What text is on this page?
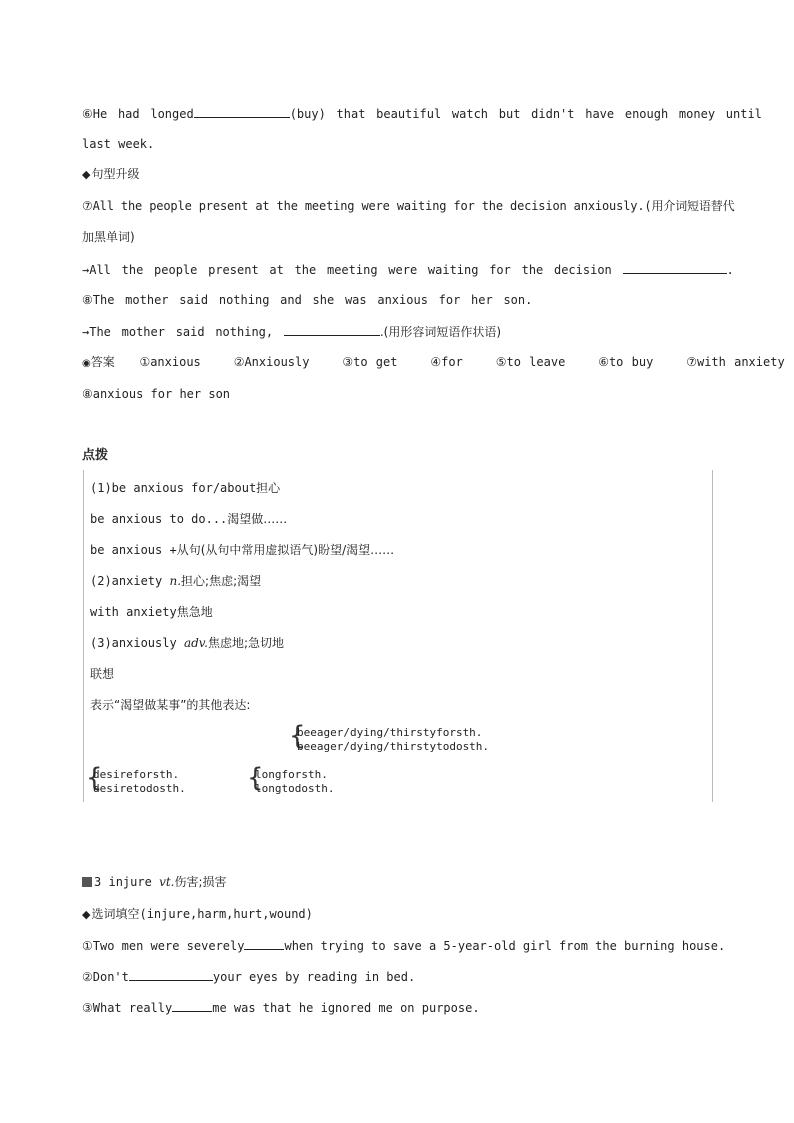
⑥He had longed	(buy) that beautiful watch but didn't have enough money until
last week.
◆句型升级
⑦All the people present at the meeting were waiting for the decision anxiously.(用介词短语替代
加黑单词)
→All the people present at the meeting were waiting for the decision	.
⑧The mother said nothing and she was anxious for her son.
→The mother said nothing,	.(用形容词短语作状语)
◉答案 ①anxious	②Anxiously	③to get	④for	⑤to leave	⑥to buy	⑦with anxiety
⑧anxious for her son
点拨
(1)be anxious for/about担心
be anxious to do...渴望做……
be anxious +从句(从句中常用虚拟语气)盼望/渴望……
(2)anxiety n.担心;焦虑;渴望
with anxiety焦急地
(3)anxiously adv.焦虑地;急切地
联想
表示“渴望做某事”的其他表达:
{
beeager/dying/thirstyforsth.
beeager/dying/thirstytodosth.
{
desireforsth.
desiretodosth. {
longforsth.
longtodosth.
3 injure vt.伤害;损害
◆选词填空(injure,harm,hurt,wound)
①Two men were severely	when trying to save a 5-year-old girl from the burning house.
②Don't	your eyes by reading in bed.
③What really	me was that he ignored me on purpose.
